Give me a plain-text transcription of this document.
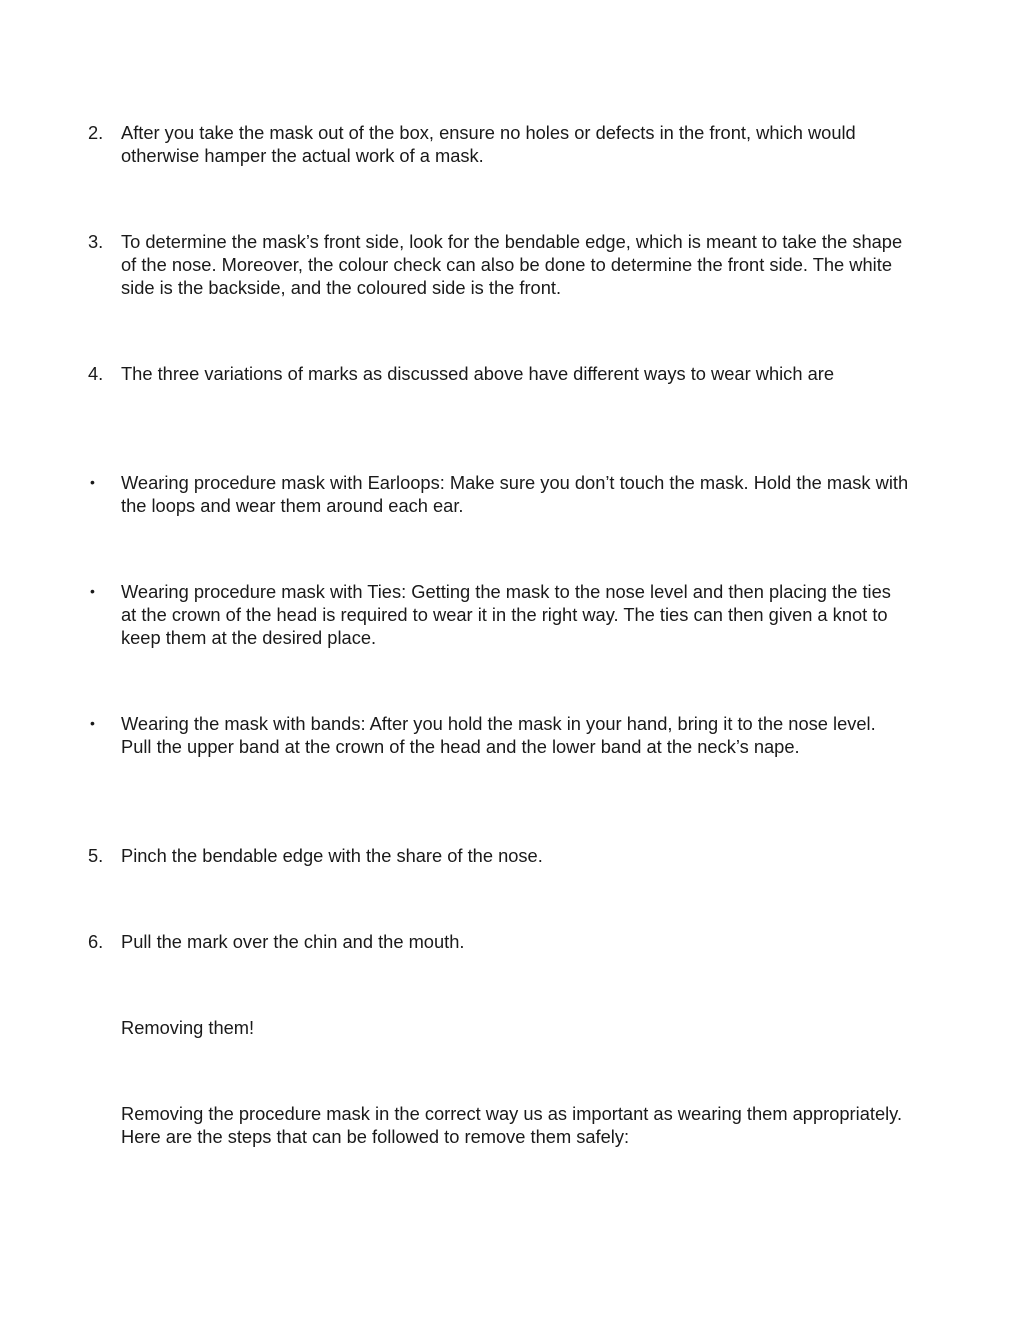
2. After you take the mask out of the box, ensure no holes or defects in the front, which would otherwise hamper the actual work of a mask.
3. To determine the mask’s front side, look for the bendable edge, which is meant to take the shape of the nose. Moreover, the colour check can also be done to determine the front side. The white side is the backside, and the coloured side is the front.
4. The three variations of marks as discussed above have different ways to wear which are
• Wearing procedure mask with Earloops: Make sure you don’t touch the mask. Hold the mask with the loops and wear them around each ear.
• Wearing procedure mask with Ties: Getting the mask to the nose level and then placing the ties at the crown of the head is required to wear it in the right way. The ties can then given a knot to keep them at the desired place.
• Wearing the mask with bands: After you hold the mask in your hand, bring it to the nose level. Pull the upper band at the crown of the head and the lower band at the neck’s nape.
5. Pinch the bendable edge with the share of the nose.
6. Pull the mark over the chin and the mouth.
Removing them!
Removing the procedure mask in the correct way us as important as wearing them appropriately. Here are the steps that can be followed to remove them safely:
